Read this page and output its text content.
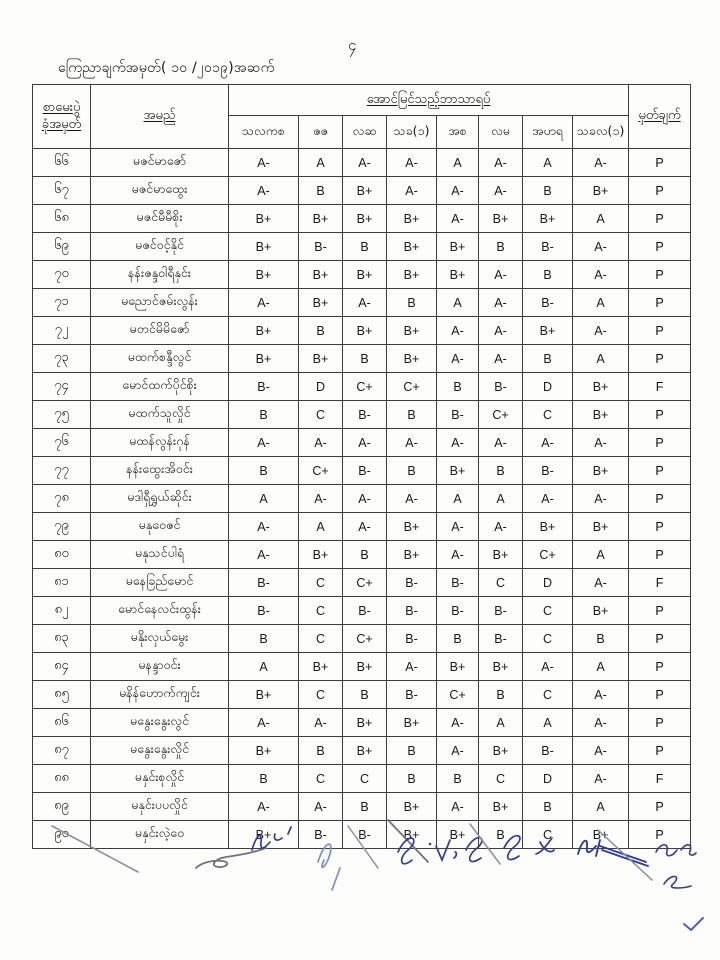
၄
ကြေညာချက်အမှတ်( ၁၀ /၂၀၁၉)အဆက်
စာမေးပွဲ
ခုံအမှတ်	အမည်	အောင်မြင်သည့်ဘာသာရပ်								မှတ်ချက်
		သလကစ	ဇဇ	လဆ	သခ(၁)	အစ	လမ	အဟရ	သခလ(၁)	
၆၆	မဇင်မာဇော်	A-	A	A-	A-	A	A-	A	A-	P
၆၇	မဇင်မာထွေး	A-	B	B+	A-	A-	A-	B	B+	P
၆၈	မဇင်မီမီစိုး	B+	B+	B+	B+	A-	B+	B+	A	P
၆၉	မဇင်ဝင့်နိုင်	B+	B-	B	B+	B+	B	B-	A-	P
၇၀	နန်းဇန္ဒဝါရီနှင်း	B+	B+	B+	B+	B+	A-	B	A-	P
၇၁	မညောင်ဇမ်းလွန်း	A-	B+	A-	B	A	A-	B-	A	P
၇၂	မတင်မိမိဇော်	B+	B	B+	B+	A-	A-	B+	A-	P
၇၃	မထက်စန္ဒီလွင်	B+	B+	B	B+	A-	A-	B	A	P
၇၄	မောင်ထက်ပိုင်စိုး	B-	D	C+	C+	B	B-	D	B+	F
၇၅	မထက်သူလှိုင်	B	C	B-	B	B-	C+	C	B+	P
၇၆	မထန်လွန်းဂုန်	A-	A-	A-	A-	A-	A-	A-	A-	P
၇၇	နန်းထွေးအိဝင်း	B	C+	B-	B	B+	B	B-	B+	P
၇၈	မဒါရှီရွှယ်ဆိုင်း	A	A-	A-	A-	A	A	A-	A-	P
၇၉	မနုဝေဇင်	A-	A	A-	B+	A-	A-	B+	B+	P
၈၀	မနုသင်ပါရံ	A-	B+	B	B+	A-	B+	C+	A	P
၈၁	မနေခြည်မောင်	B-	C	C+	B-	B-	C	D	A-	F
၈၂	မောင်နေလင်းထွန်း	B-	C	B-	B-	B-	B-	C	B+	P
၈၃	မနိုးလှယ်မွေး	B	C	C+	B-	B	B-	C	B	P
၈၄	မနန္ဒာဝင်း	A	B+	B+	A-	B+	B+	A-	A	P
၈၅	မနိန်ဟောက်ကျင်း	B+	C	B	B-	C+	B	C	A-	P
၈၆	မနွေးနွေးလွင်	A-	A-	B+	B+	A-	A	A	A-	P
၈၇	မနွေးနွေးလှိုင်	B+	B	B+	B	A-	B+	B-	A-	P
၈၈	မနှင်းစုလှိုင်	B	C	C	B	B	C	D	A-	F
၈၉	မနှင်းပပလှိုင်	A-	A-	B	B+	A-	B+	B	A	P
၉၀	မနှင်းလဲ့ဝေ	B+	B-	B-	B+	B+	B	C	B+	P
